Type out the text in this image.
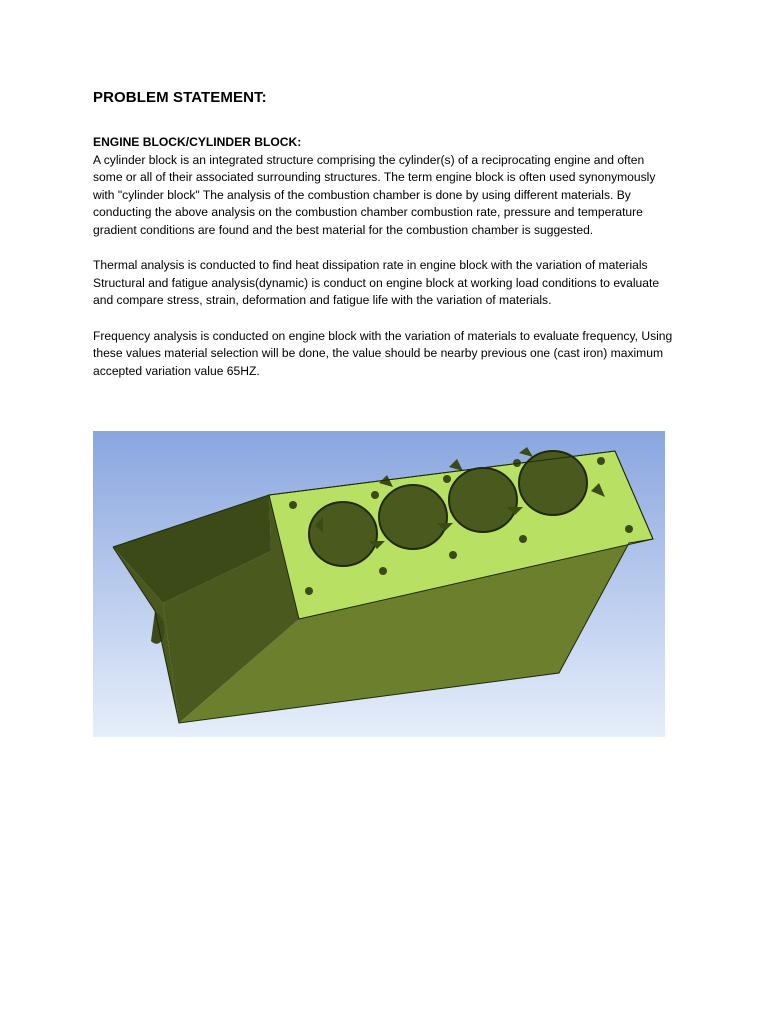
PROBLEM STATEMENT:

ENGINE BLOCK/CYLINDER BLOCK:

A cylinder block is an integrated structure comprising the cylinder(s) of a reciprocating engine and often some or all of their associated surrounding structures. The term engine block is often used synonymously with "cylinder block" The analysis of the combustion chamber is done by using different materials. By conducting the above analysis on the combustion chamber combustion rate, pressure and temperature gradient conditions are found and the best material for the combustion chamber is suggested.

Thermal analysis is conducted to find heat dissipation rate in engine block with the variation of materials Structural and fatigue analysis(dynamic) is conduct on engine block at working load conditions to evaluate and compare stress, strain, deformation and fatigue life with the variation of materials.

Frequency analysis is conducted on engine block with the variation of materials to evaluate frequency, Using these values material selection will be done, the value should be nearby previous one (cast iron) maximum accepted variation value 65HZ.
